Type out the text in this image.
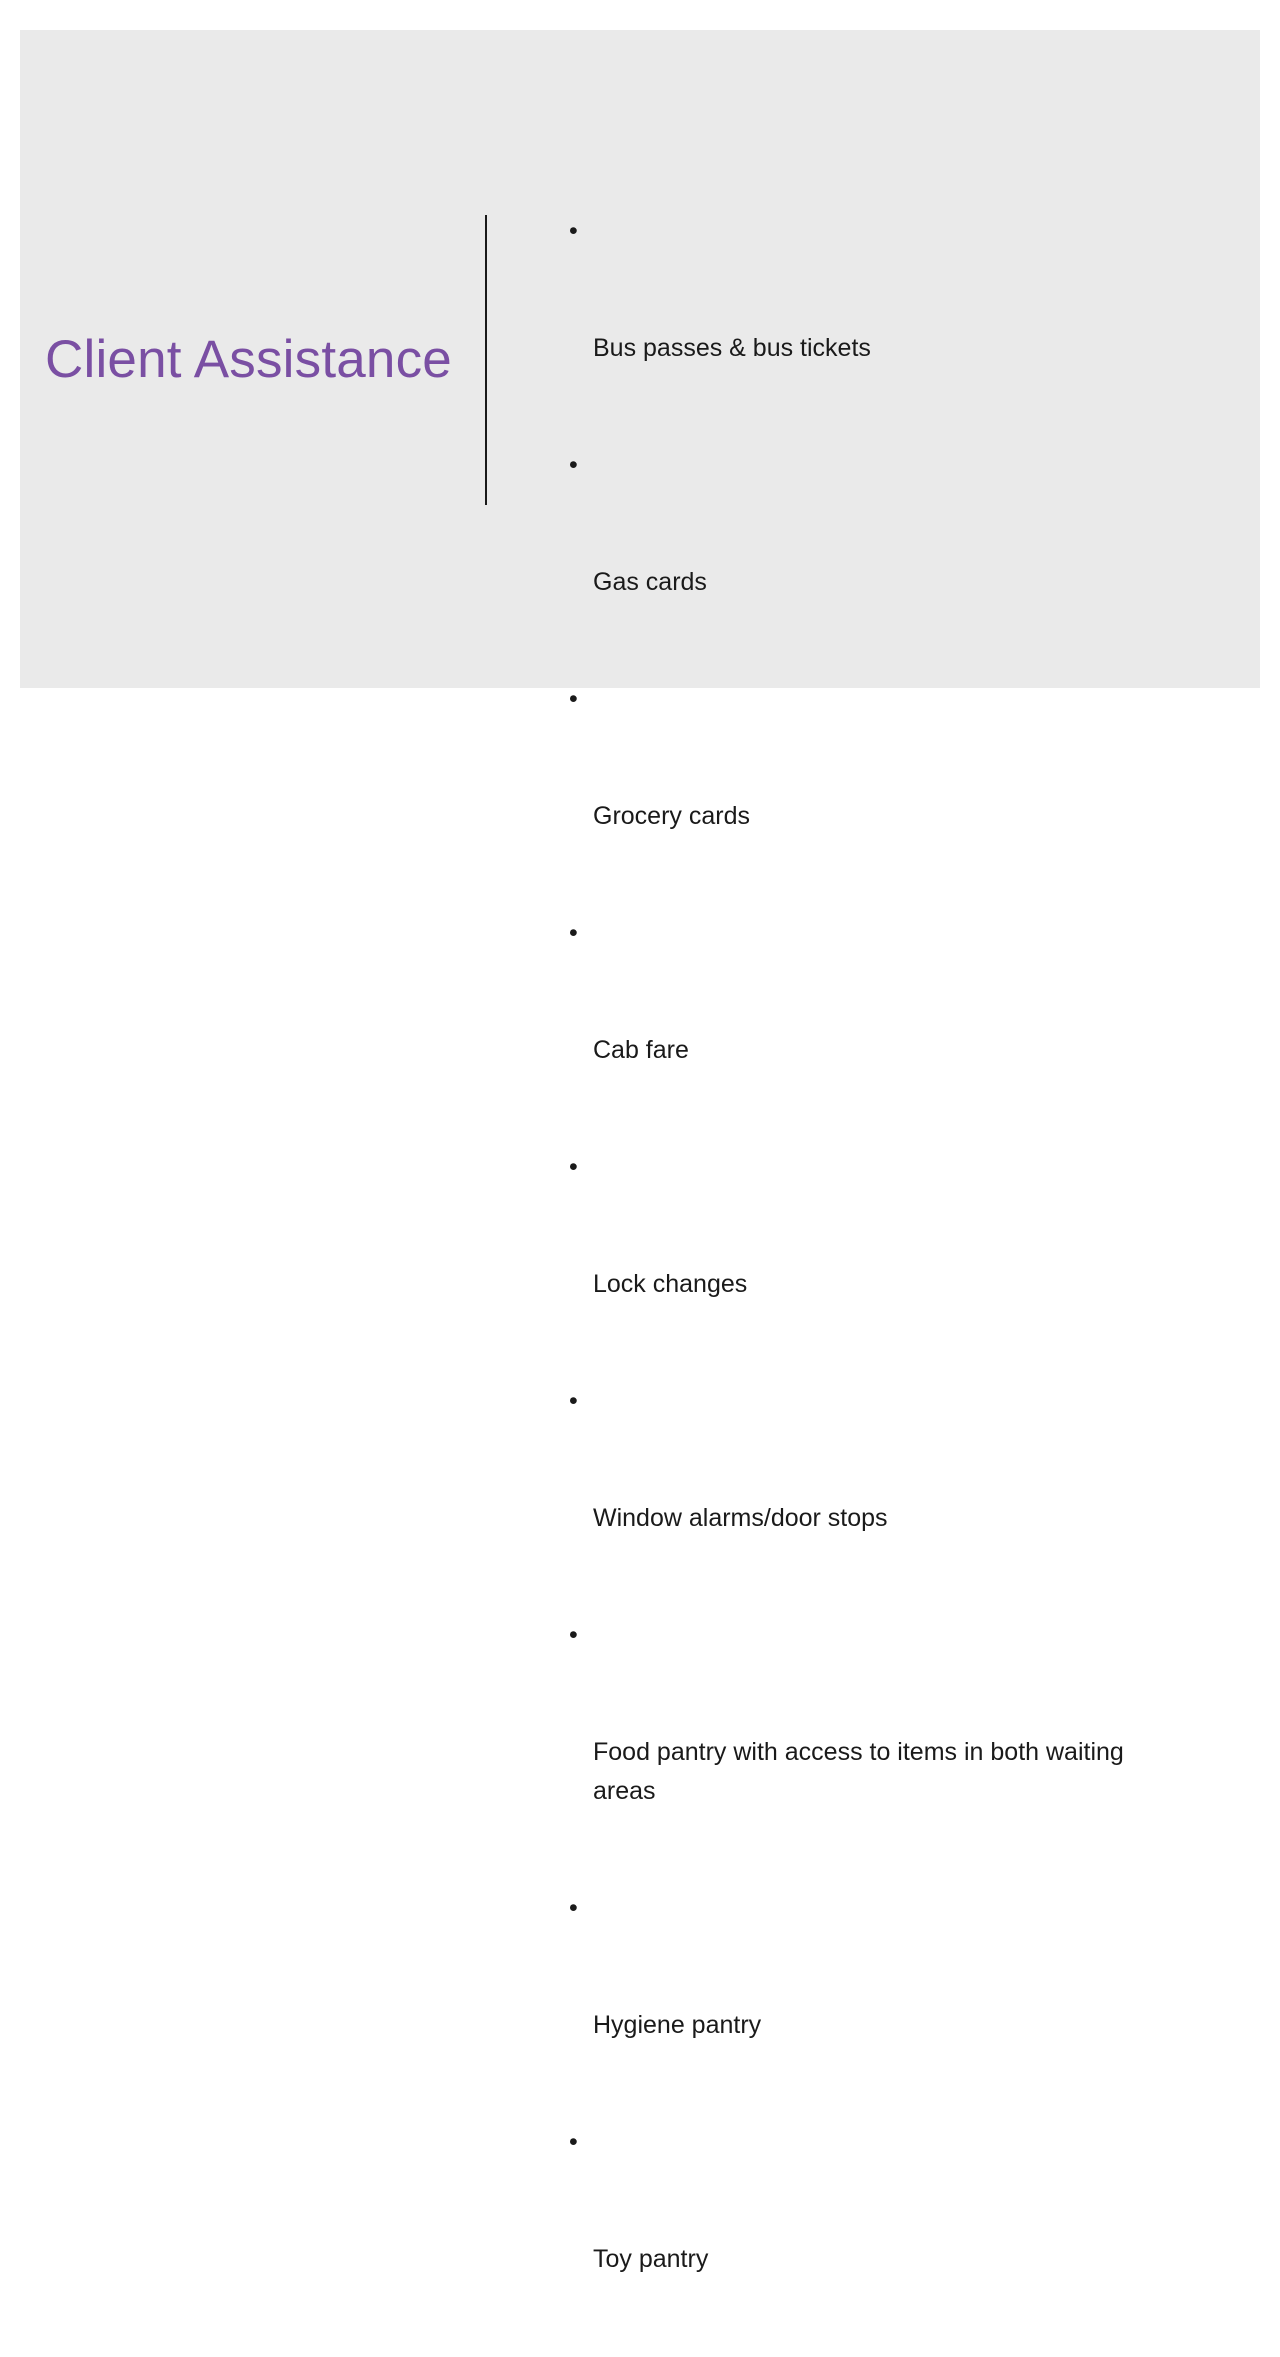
Client Assistance

•

Bus passes & bus tickets

•

Gas cards

•

Grocery cards

•

Cab fare

•

Lock changes

•

Window alarms/door stops

•

Food pantry with access to items in both waiting areas

•

Hygiene pantry

•

Toy pantry
